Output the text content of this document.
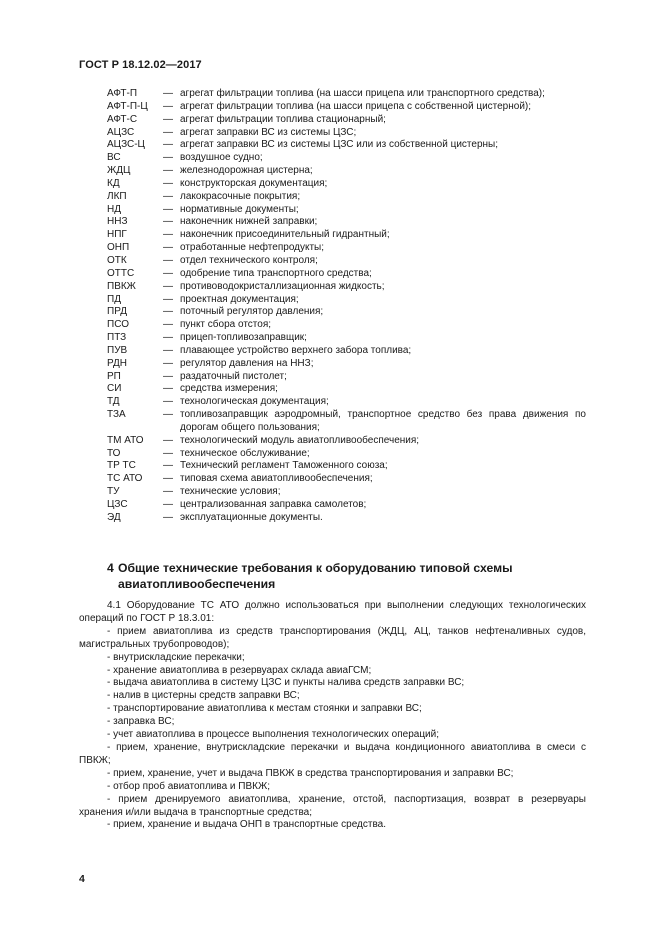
ГОСТ Р 18.12.02—2017
АФТ-П	— агрегат фильтрации топлива (на шасси прицепа или транспортного средства);
АФТ-П-Ц — агрегат фильтрации топлива (на шасси прицепа с собственной цистерной);
АФТ-С	— агрегат фильтрации топлива стационарный;
АЦЗС	— агрегат заправки ВС из системы ЦЗС;
АЦЗС-Ц — агрегат заправки ВС из системы ЦЗС или из собственной цистерны;
ВС	— воздушное судно;
ЖДЦ	— железнодорожная цистерна;
КД	— конструкторская документация;
ЛКП	— лакокрасочные покрытия;
НД	— нормативные документы;
ННЗ	— наконечник нижней заправки;
НПГ	— наконечник присоединительный гидрантный;
ОНП	— отработанные нефтепродукты;
ОТК	— отдел технического контроля;
ОТТС	— одобрение типа транспортного средства;
ПВКЖ	— противоводокристаллизационная жидкость;
ПД	— проектная документация;
ПРД	— поточный регулятор давления;
ПСО	— пункт сбора отстоя;
ПТЗ	— прицеп-топливозаправщик;
ПУВ	— плавающее устройство верхнего забора топлива;
РДН	— регулятор давления на ННЗ;
РП	— раздаточный пистолет;
СИ	— средства измерения;
ТД	— технологическая документация;
ТЗА	— топливозаправщик аэродромный, транспортное средство без права движения по дорогам общего пользования;
ТМ АТО — технологический модуль авиатопливообеспечения;
ТО	— техническое обслуживание;
ТР ТС	— Технический регламент Таможенного союза;
ТС АТО — типовая схема авиатопливообеспечения;
ТУ	— технические условия;
ЦЗС	— централизованная заправка самолетов;
ЭД	— эксплуатационные документы.
4 Общие технические требования к оборудованию типовой схемы авиатопливообеспечения

4.1 Оборудование ТС АТО должно использоваться при выполнении следующих технологических операций по ГОСТ Р 18.3.01:

- прием авиатоплива из средств транспортирования (ЖДЦ, АЦ, танков нефтеналивных судов, магистральных трубопроводов);

- внутрискладские перекачки;

- хранение авиатоплива в резервуарах склада авиаГСМ;

- выдача авиатоплива в систему ЦЗС и пункты налива средств заправки ВС;

- налив в цистерны средств заправки ВС;

- транспортирование авиатоплива к местам стоянки и заправки ВС;

- заправка ВС;

- учет авиатоплива в процессе выполнения технологических операций;

- прием, хранение, внутрискладские перекачки и выдача кондиционного авиатоплива в смеси с ПВКЖ;

- прием, хранение, учет и выдача ПВКЖ в средства транспортирования и заправки ВС;

- отбор проб авиатоплива и ПВКЖ;

- прием дренируемого авиатоплива, хранение, отстой, паспортизация, возврат в резервуары хранения и/или выдача в транспортные средства;

- прием, хранение и выдача ОНП в транспортные средства.

4
